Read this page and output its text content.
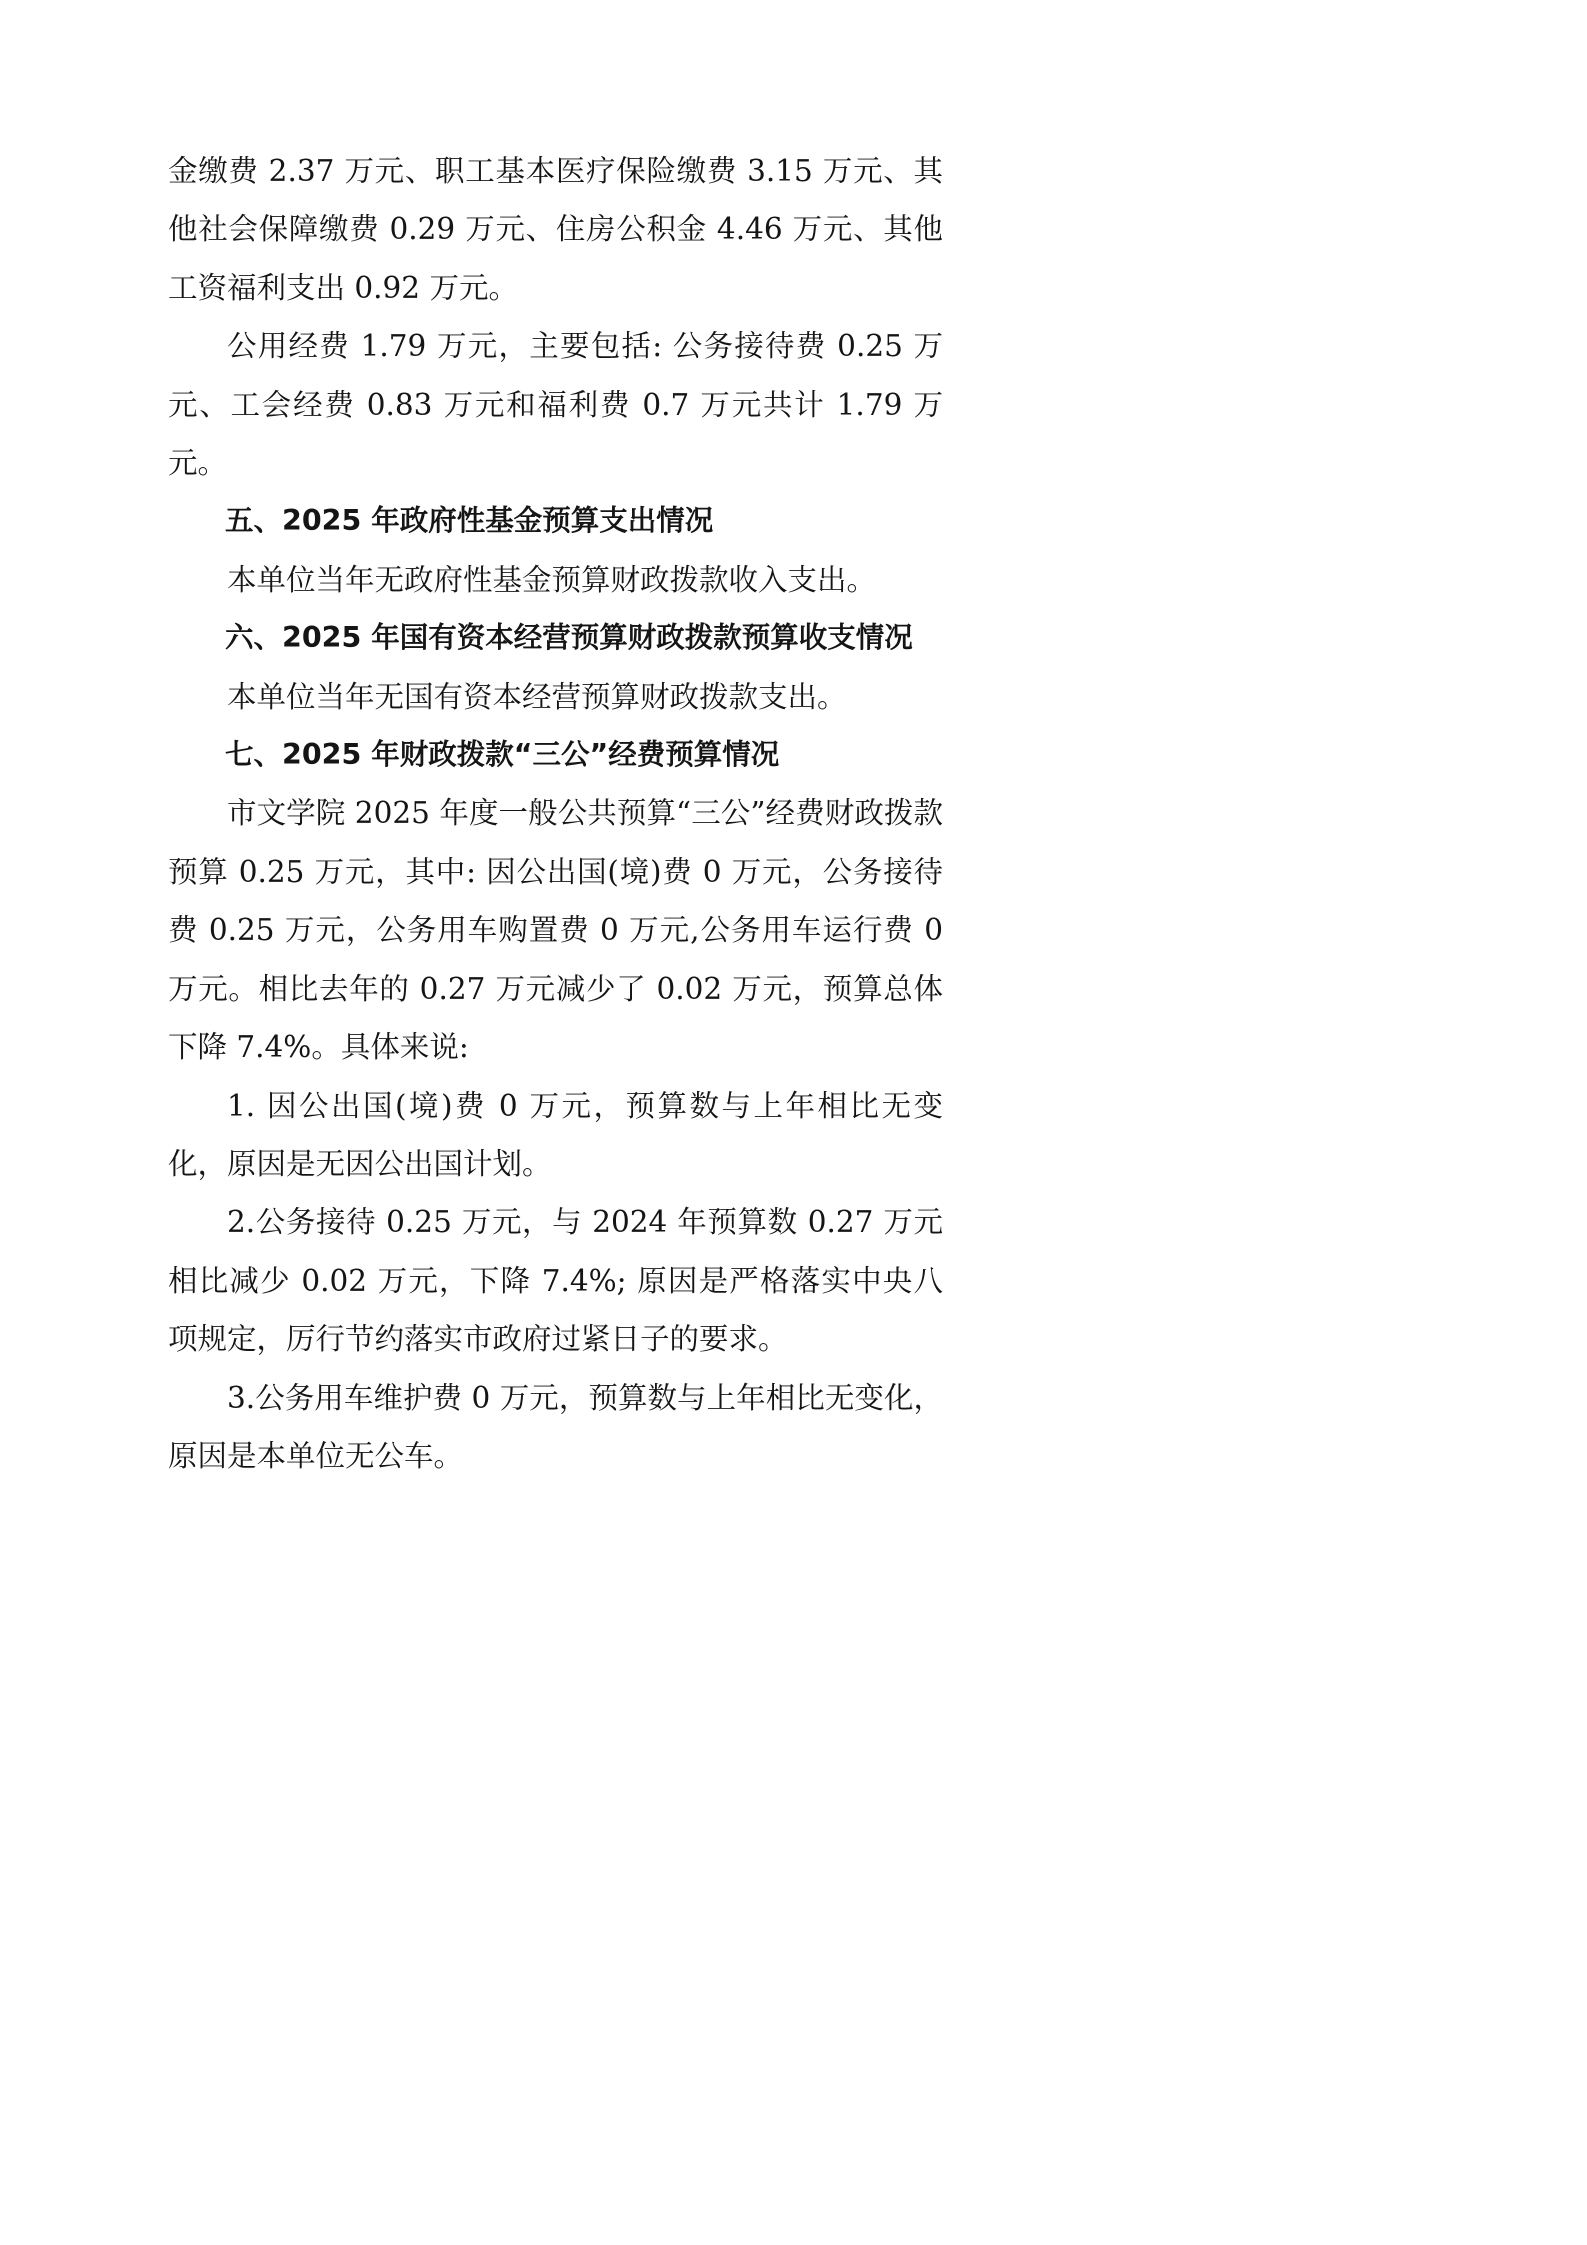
金缴费 2.37 万元、职工基本医疗保险缴费 3.15 万元、其他社会保障缴费 0.29 万元、住房公积金 4.46 万元、其他工资福利支出 0.92 万元。

公用经费 1.79 万元，主要包括: 公务接待费 0.25 万元、工会经费 0.83 万元和福利费 0.7 万元共计 1.79 万元。

五、2025 年政府性基金预算支出情况

本单位当年无政府性基金预算财政拨款收入支出。

六、2025 年国有资本经营预算财政拨款预算收支情况

本单位当年无国有资本经营预算财政拨款支出。

七、2025 年财政拨款“三公”经费预算情况

市文学院 2025 年度一般公共预算“三公”经费财政拨款预算 0.25 万元，其中: 因公出国(境)费 0 万元，公务接待费 0.25 万元，公务用车购置费 0 万元,公务用车运行费 0 万元。相比去年的 0.27 万元减少了 0.02 万元，预算总体下降 7.4%。具体来说:

1. 因公出国(境)费 0 万元，预算数与上年相比无变化，原因是无因公出国计划。

2.公务接待 0.25 万元，与 2024 年预算数 0.27 万元相比减少 0.02 万元，下降 7.4%; 原因是严格落实中央八项规定，厉行节约落实市政府过紧日子的要求。

3.公务用车维护费 0 万元，预算数与上年相比无变化，原因是本单位无公车。
